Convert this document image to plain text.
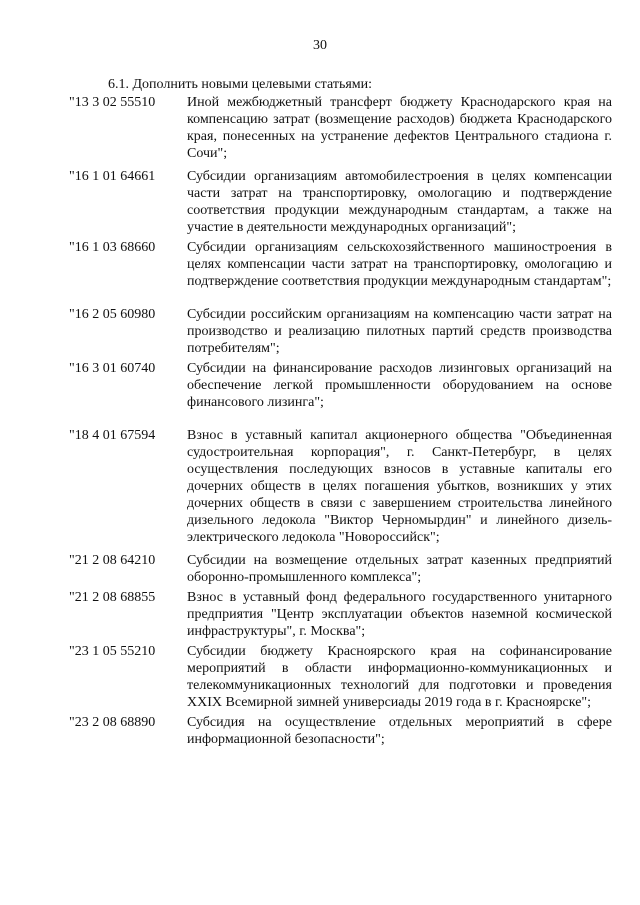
30
6.1. Дополнить новыми целевыми статьями:
"13 3 02 55510	Иной межбюджетный трансферт бюджету Краснодарского края на компенсацию затрат (возмещение расходов) бюджета Краснодарского края, понесенных на устранение дефектов Центрального стадиона г. Сочи";
"16 1 01 64661	Субсидии организациям автомобилестроения в целях компенсации части затрат на транспортировку, омологацию и подтверждение соответствия продукции международным стандартам, а также на участие в деятельности международных организаций";
"16 1 03 68660	Субсидии организациям сельскохозяйственного машиностроения в целях компенсации части затрат на транспортировку, омологацию и подтверждение соответствия продукции международным стандартам";
"16 2 05 60980	Субсидии российским организациям на компенсацию части затрат на производство и реализацию пилотных партий средств производства потребителям";
"16 3 01 60740	Субсидии на финансирование расходов лизинговых организаций на обеспечение легкой промышленности оборудованием на основе финансового лизинга";
"18 4 01 67594	Взнос в уставный капитал акционерного общества "Объединенная судостроительная корпорация", г. Санкт-Петербург, в целях осуществления последующих взносов в уставные капиталы его дочерних обществ в целях погашения убытков, возникших у этих дочерних обществ в связи с завершением строительства линейного дизельного ледокола "Виктор Черномырдин" и линейного дизель-электрического ледокола "Новороссийск";
"21 2 08 64210	Субсидии на возмещение отдельных затрат казенных предприятий оборонно-промышленного комплекса";
"21 2 08 68855	Взнос в уставный фонд федерального государственного унитарного предприятия "Центр эксплуатации объектов наземной космической инфраструктуры", г. Москва";
"23 1 05 55210	Субсидии бюджету Красноярского края на софинансирование мероприятий в области информационно-коммуникационных и телекоммуникационных технологий для подготовки и проведения XXIX Всемирной зимней универсиады 2019 года в г. Красноярске";
"23 2 08 68890	Субсидия на осуществление отдельных мероприятий в сфере информационной безопасности";
